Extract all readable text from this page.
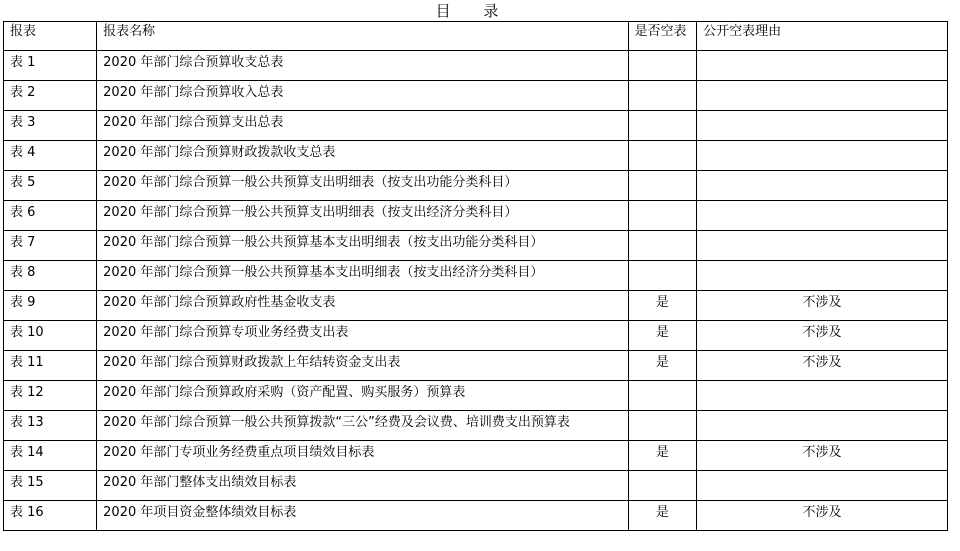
目 录
报表	报表名称	是否空表	公开空表理由
表 1	2020 年部门综合预算收支总表		
表 2	2020 年部门综合预算收入总表		
表 3	2020 年部门综合预算支出总表		
表 4	2020 年部门综合预算财政拨款收支总表		
表 5	2020 年部门综合预算一般公共预算支出明细表（按支出功能分类科目）		
表 6	2020 年部门综合预算一般公共预算支出明细表（按支出经济分类科目）		
表 7	2020 年部门综合预算一般公共预算基本支出明细表（按支出功能分类科目）		
表 8	2020 年部门综合预算一般公共预算基本支出明细表（按支出经济分类科目）		
表 9	2020 年部门综合预算政府性基金收支表	是	不涉及
表 10	2020 年部门综合预算专项业务经费支出表	是	不涉及
表 11	2020 年部门综合预算财政拨款上年结转资金支出表	是	不涉及
表 12	2020 年部门综合预算政府采购（资产配置、购买服务）预算表		
表 13	2020 年部门综合预算一般公共预算拨款“三公”经费及会议费、培训费支出预算表		
表 14	2020 年部门专项业务经费重点项目绩效目标表	是	不涉及
表 15	2020 年部门整体支出绩效目标表		
表 16	2020 年项目资金整体绩效目标表	是	不涉及
